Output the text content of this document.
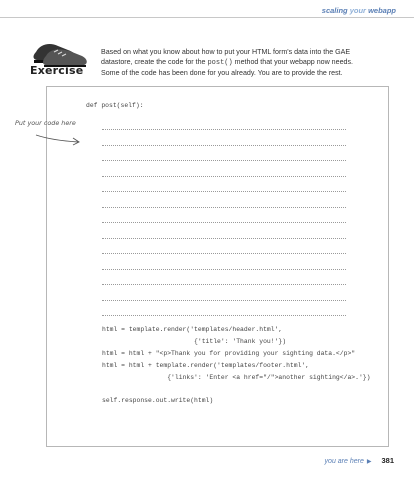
scaling your webapp
Exercise
Based on what you know about how to put your HTML form's data into the GAE datastore, create the code for the post() method that your webapp now needs. Some of the code has been done for you already. You are to provide the rest.
def post(self):
Put your code here
html = template.render('templates/header.html',
{'title': 'Thank you!'})
html = html + "<p>Thank you for providing your sighting data.</p>"
html = html + template.render('templates/footer.html',
{'links': 'Enter <a href="/">another sighting</a>.'})
self.response.out.write(html)
you are here ▶ 381
